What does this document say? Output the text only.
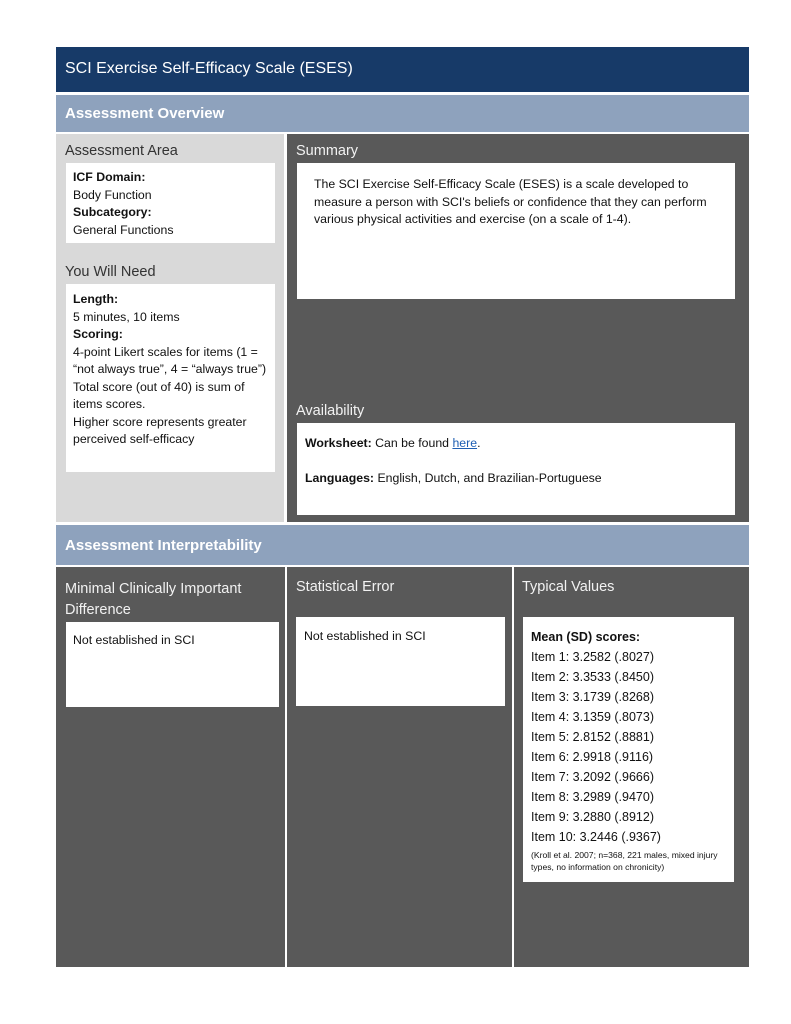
SCI Exercise Self-Efficacy Scale (ESES)
Assessment Overview
Assessment Area
ICF Domain:
Body Function
Subcategory:
General Functions
You Will Need
Length:
5 minutes, 10 items
Scoring:
4-point Likert scales for items (1 = “not always true”, 4 = “always true”)
Total score (out of 40) is sum of items scores.
Higher score represents greater perceived self-efficacy
Summary
The SCI Exercise Self-Efficacy Scale (ESES) is a scale developed to measure a person with SCI's beliefs or confidence that they can perform various physical activities and exercise (on a scale of 1-4).
Availability
Worksheet: Can be found here.
Languages: English, Dutch, and Brazilian-Portuguese
Assessment Interpretability
Minimal Clinically Important Difference
Not established in SCI
Statistical Error
Not established in SCI
Typical Values
Mean (SD) scores:
Item 1: 3.2582 (.8027)
Item 2: 3.3533 (.8450)
Item 3: 3.1739 (.8268)
Item 4: 3.1359 (.8073)
Item 5: 2.8152 (.8881)
Item 6: 2.9918 (.9116)
Item 7: 3.2092 (.9666)
Item 8: 3.2989 (.9470)
Item 9: 3.2880 (.8912)
Item 10: 3.2446 (.9367)
(Kroll et al. 2007; n=368, 221 males, mixed injury types, no information on chronicity)
